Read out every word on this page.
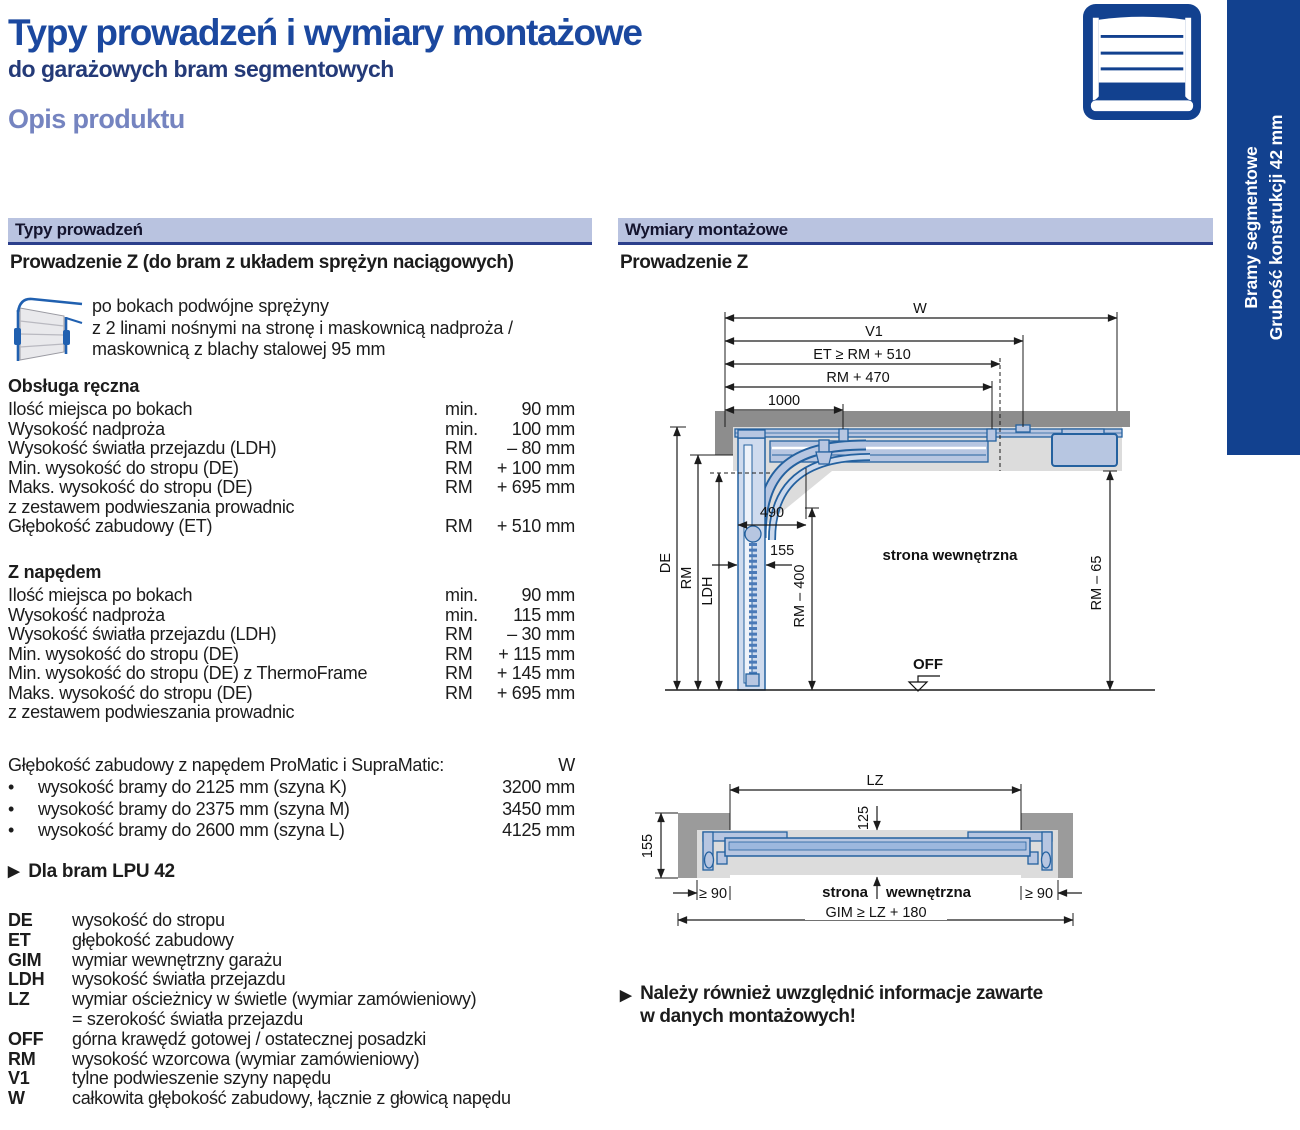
Typy prowadzeń i wymiary montażowe
do garażowych bram segmentowych
Opis produktu
Bramy segmentowe Grubość konstrukcji 42 mm
Typy prowadzeń	Wymiary montażowe
Prowadzenie Z (do bram z układem sprężyn naciągowych)	Prowadzenie Z
po bokach podwójne sprężyny
z 2 linami nośnymi na stronę i maskownicą nadproża /
maskownicą z blachy stalowej 95 mm
Obsługa ręczna
Ilość miejsca po bokach	min.	90 mm
Wysokość nadproża	min.	100 mm
Wysokość światła przejazdu (LDH)	RM	– 80 mm
Min. wysokość do stropu (DE)	RM	+ 100 mm
Maks. wysokość do stropu (DE)	RM	+ 695 mm
z zestawem podwieszania prowadnic
Głębokość zabudowy (ET)	RM	+ 510 mm
Z napędem
Ilość miejsca po bokach	min.	90 mm
Wysokość nadproża	min.	115 mm
Wysokość światła przejazdu (LDH)	RM	– 30 mm
Min. wysokość do stropu (DE)	RM	+ 115 mm
Min. wysokość do stropu (DE) z ThermoFrame	RM	+ 145 mm
Maks. wysokość do stropu (DE)	RM	+ 695 mm
z zestawem podwieszania prowadnic
Głębokość zabudowy z napędem ProMatic i SupraMatic:	W
•	wysokość bramy do 2125 mm (szyna K)	3200 mm
•	wysokość bramy do 2375 mm (szyna M)	3450 mm
•	wysokość bramy do 2600 mm (szyna L)	4125 mm
▶ Dla bram LPU 42
DE	wysokość do stropu
ET	głębokość zabudowy
GIM	wymiar wewnętrzny garażu
LDH	wysokość światła przejazdu
LZ	wymiar ościeżnicy w świetle (wymiar zamówieniowy)
= szerokość światła przejazdu
OFF	górna krawędź gotowej / ostatecznej posadzki
RM	wysokość wzorcowa (wymiar zamówieniowy)
V1	tylne podwieszenie szyny napędu
W	całkowita głębokość zabudowy, łącznie z głowicą napędu
W
V1
ET ≥ RM + 510
RM + 470
1000
DE
RM LDH
155
490
RM – 400	RM – 65
strona wewnętrzna
OFF
LZ
125
155
≥ 90	≥ 90
strona wewnętrzna
GIM ≥ LZ + 180
▶ Należy również uwzględnić informacje zawarte
w danych montażowych!
